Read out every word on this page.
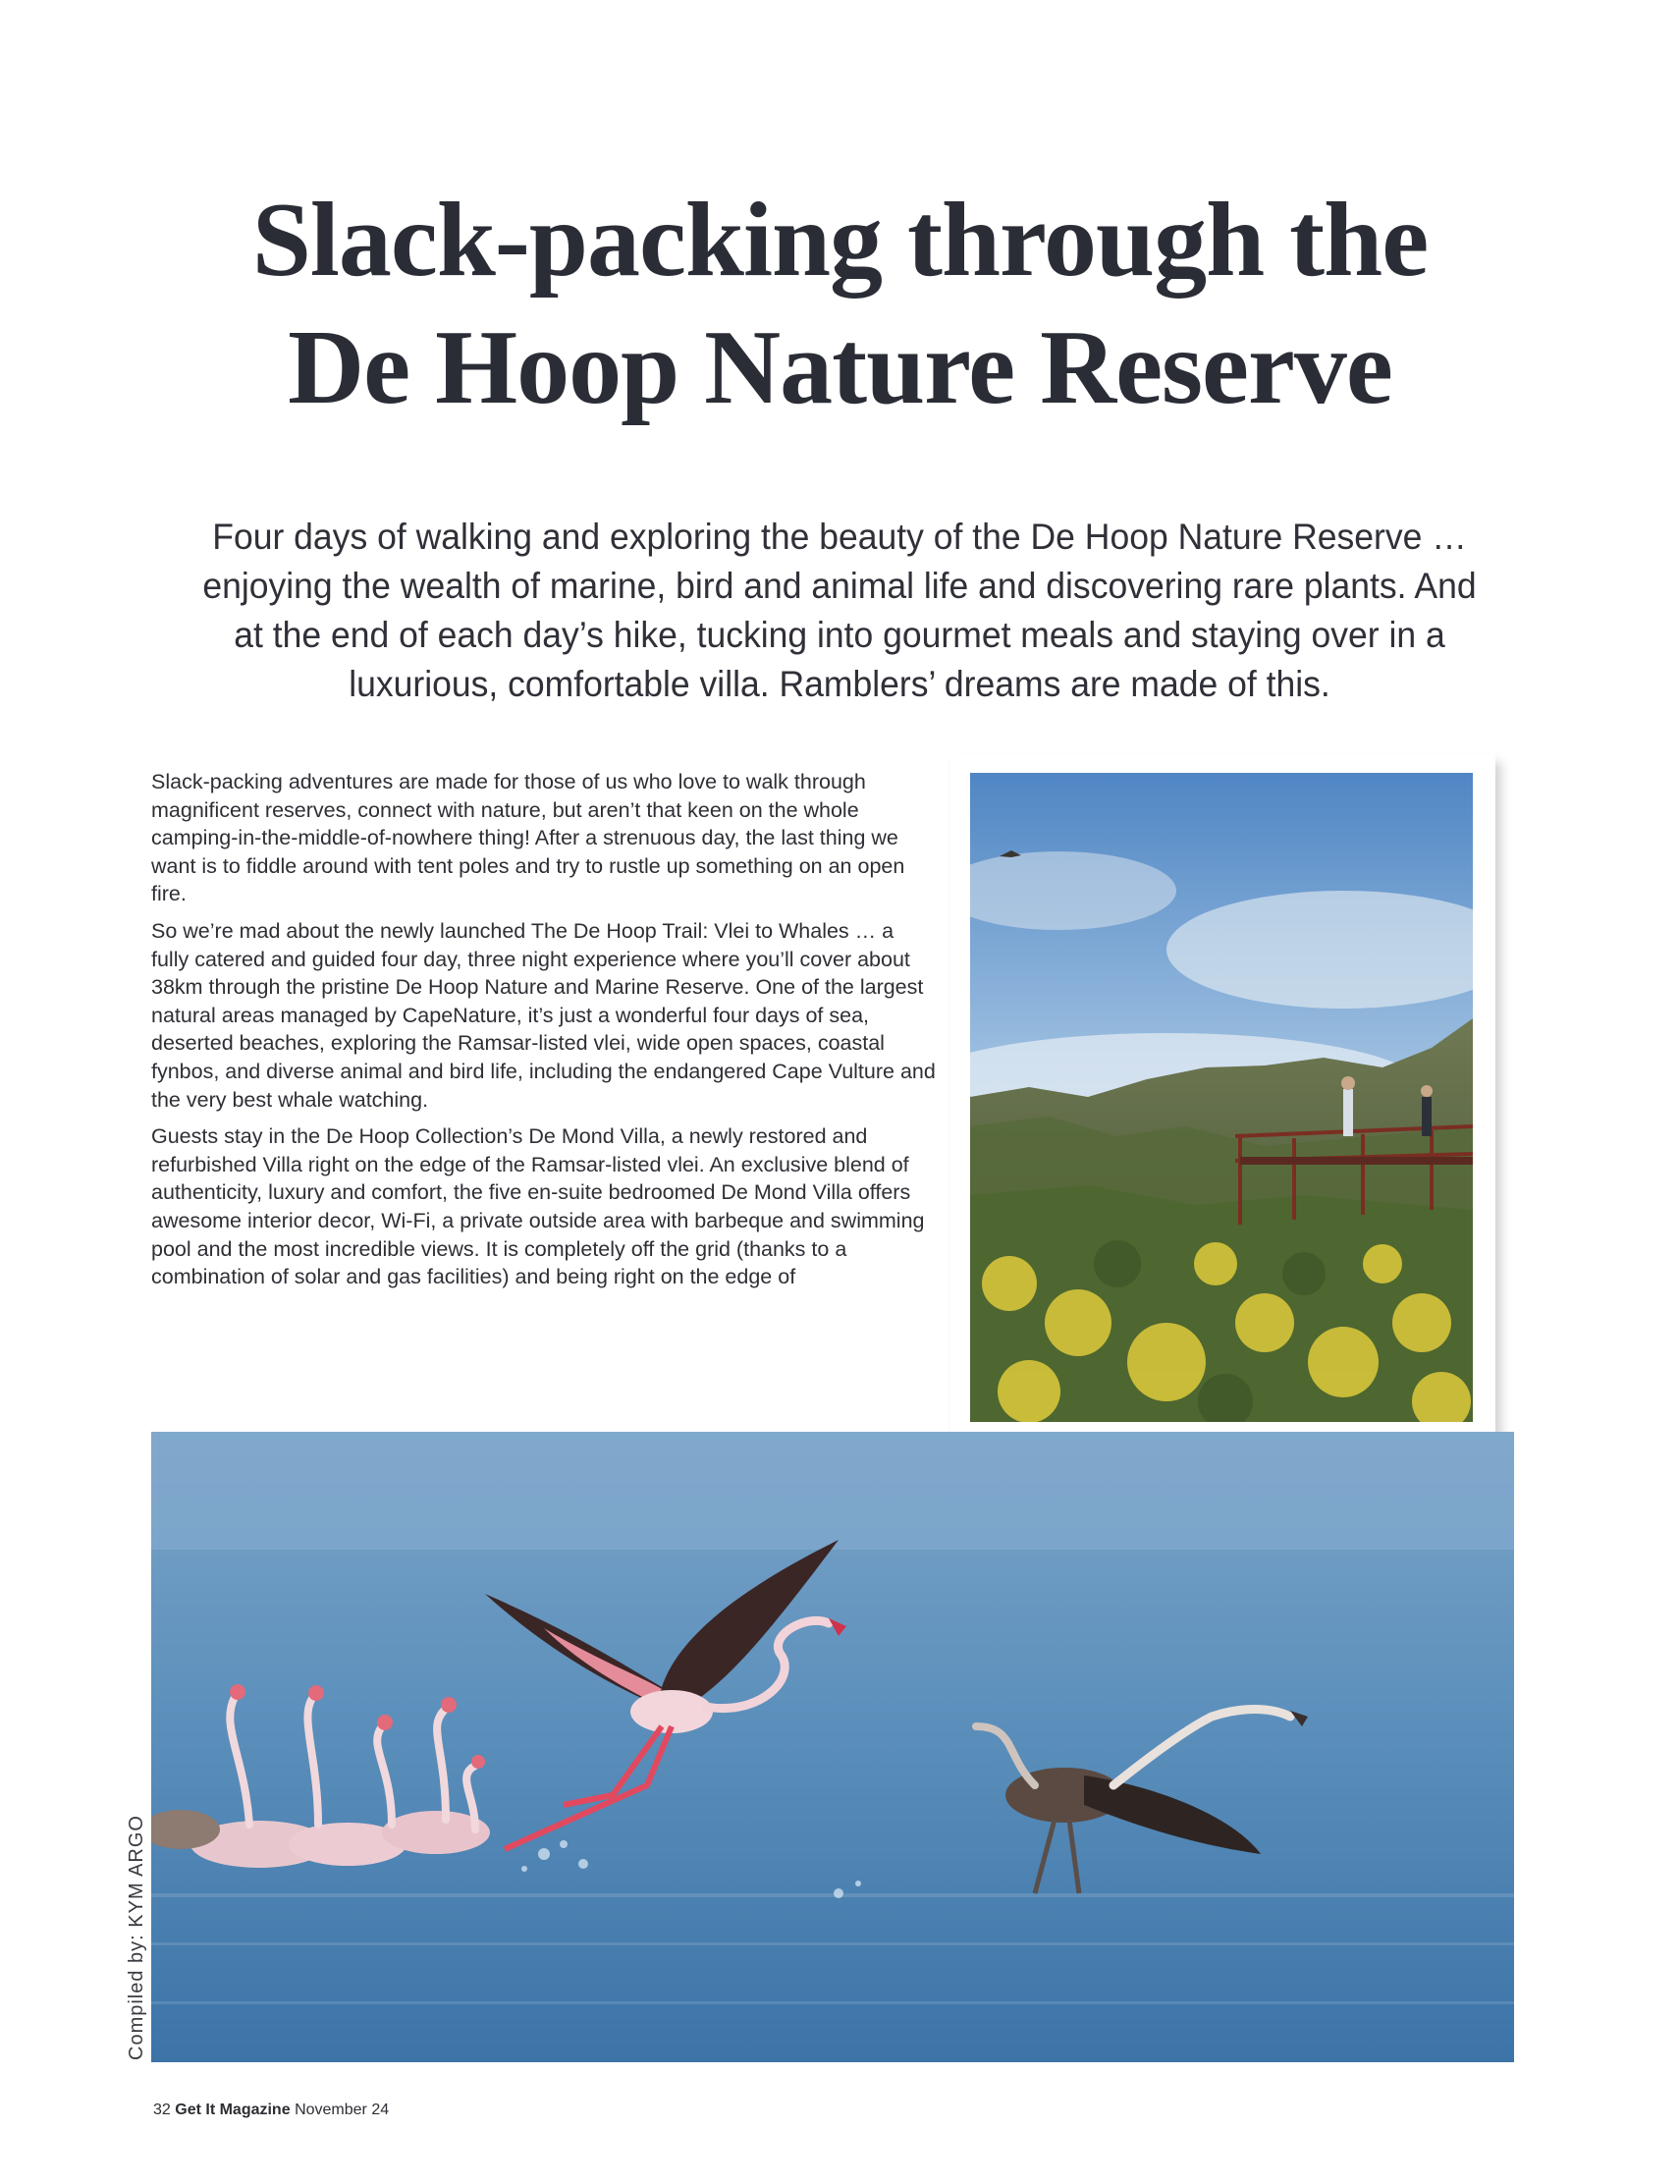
Slack-packing through the
De Hoop Nature Reserve

Four days of walking and exploring the beauty of the De Hoop Nature Reserve … enjoying the wealth of marine, bird and animal life and discovering rare plants. And at the end of each day’s hike, tucking into gourmet meals and staying over in a luxurious, comfortable villa. Ramblers’ dreams are made of this.

Slack-packing adventures are made for those of us who love to walk through magnificent reserves, connect with nature, but aren’t that keen on the whole camping-in-the-middle-of-nowhere thing! After a strenuous day, the last thing we want is to fiddle around with tent poles and try to rustle up something on an open fire.

So we’re mad about the newly launched The De Hoop Trail: Vlei to Whales … a fully catered and guided four day, three night experience where you’ll cover about 38km through the pristine De Hoop Nature and Marine Reserve. One of the largest natural areas managed by CapeNature, it’s just a wonderful four days of sea, deserted beaches, exploring the Ramsar-listed vlei, wide open spaces, coastal fynbos, and diverse animal and bird life, including the endangered Cape Vulture and the very best whale watching.

Guests stay in the De Hoop Collection’s De Mond Villa, a newly restored and refurbished Villa right on the edge of the Ramsar-listed vlei. An exclusive blend of authenticity, luxury and comfort, the five en-suite bedroomed De Mond Villa offers awesome interior decor, Wi-Fi, a private outside area with barbeque and swimming pool and the most incredible views. It is completely off the grid (thanks to a combination of solar and gas facilities) and being right on the edge of

Compiled by: KYM ARGO
32 Get It Magazine November 24
